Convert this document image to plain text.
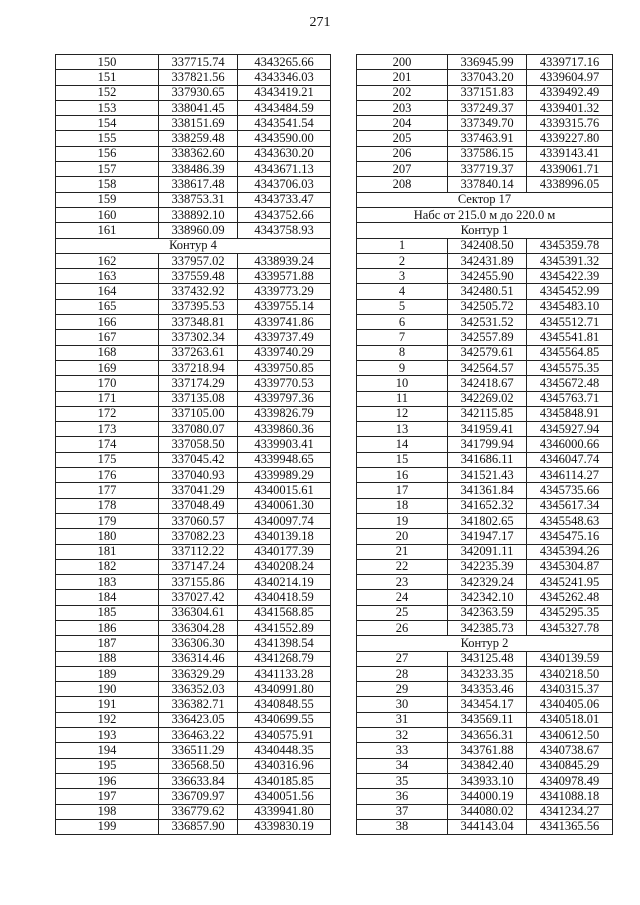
271
150	337715.74	4343265.66
151	337821.56	4343346.03
152	337930.65	4343419.21
153	338041.45	4343484.59
154	338151.69	4343541.54
155	338259.48	4343590.00
156	338362.60	4343630.20
157	338486.39	4343671.13
158	338617.48	4343706.03
159	338753.31	4343733.47
160	338892.10	4343752.66
161	338960.09	4343758.93
Контур 4		
162	337957.02	4338939.24
163	337559.48	4339571.88
164	337432.92	4339773.29
165	337395.53	4339755.14
166	337348.81	4339741.86
167	337302.34	4339737.49
168	337263.61	4339740.29
169	337218.94	4339750.85
170	337174.29	4339770.53
171	337135.08	4339797.36
172	337105.00	4339826.79
173	337080.07	4339860.36
174	337058.50	4339903.41
175	337045.42	4339948.65
176	337040.93	4339989.29
177	337041.29	4340015.61
178	337048.49	4340061.30
179	337060.57	4340097.74
180	337082.23	4340139.18
181	337112.22	4340177.39
182	337147.24	4340208.24
183	337155.86	4340214.19
184	337027.42	4340418.59
185	336304.61	4341568.85
186	336304.28	4341552.89
187	336306.30	4341398.54
188	336314.46	4341268.79
189	336329.29	4341133.28
190	336352.03	4340991.80
191	336382.71	4340848.55
192	336423.05	4340699.55
193	336463.22	4340575.91
194	336511.29	4340448.35
195	336568.50	4340316.96
196	336633.84	4340185.85
197	336709.97	4340051.56
198	336779.62	4339941.80
199	336857.90	4339830.19
200	336945.99	4339717.16
201	337043.20	4339604.97
202	337151.83	4339492.49
203	337249.37	4339401.32
204	337349.70	4339315.76
205	337463.91	4339227.80
206	337586.15	4339143.41
207	337719.37	4339061.71
208	337840.14	4338996.05
Сектор 17		
Набс от 215.0 м до 220.0 м		
Контур 1		
1	342408.50	4345359.78
2	342431.89	4345391.32
3	342455.90	4345422.39
4	342480.51	4345452.99
5	342505.72	4345483.10
6	342531.52	4345512.71
7	342557.89	4345541.81
8	342579.61	4345564.85
9	342564.57	4345575.35
10	342418.67	4345672.48
11	342269.02	4345763.71
12	342115.85	4345848.91
13	341959.41	4345927.94
14	341799.94	4346000.66
15	341686.11	4346047.74
16	341521.43	4346114.27
17	341361.84	4345735.66
18	341652.32	4345617.34
19	341802.65	4345548.63
20	341947.17	4345475.16
21	342091.11	4345394.26
22	342235.39	4345304.87
23	342329.24	4345241.95
24	342342.10	4345262.48
25	342363.59	4345295.35
26	342385.73	4345327.78
Контур 2		
27	343125.48	4340139.59
28	343233.35	4340218.50
29	343353.46	4340315.37
30	343454.17	4340405.06
31	343569.11	4340518.01
32	343656.31	4340612.50
33	343761.88	4340738.67
34	343842.40	4340845.29
35	343933.10	4340978.49
36	344000.19	4341088.18
37	344080.02	4341234.27
38	344143.04	4341365.56
